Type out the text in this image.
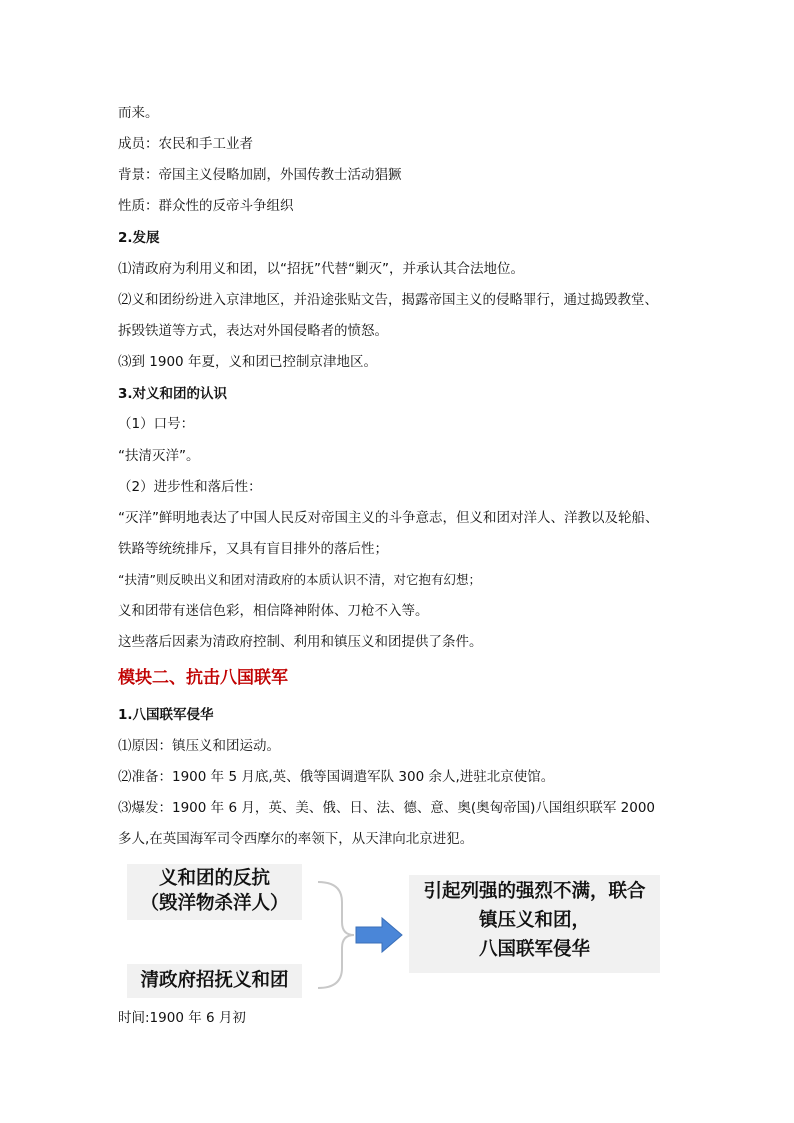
而来。
成员：农民和手工业者
背景：帝国主义侵略加剧，外国传教士活动猖獗
性质：群众性的反帝斗争组织
2.发展
⑴清政府为利用义和团，以“招抚”代替“剿灭”，并承认其合法地位。
⑵义和团纷纷进入京津地区，并沿途张贴文告，揭露帝国主义的侵略罪行，通过捣毁教堂、
拆毁铁道等方式，表达对外国侵略者的愤怒。
⑶到 1900 年夏，义和团已控制京津地区。
3.对义和团的认识
（1）口号：
“扶清灭洋”。
（2）进步性和落后性：
“灭洋”鲜明地表达了中国人民反对帝国主义的斗争意志，但义和团对洋人、洋教以及轮船、
铁路等统统排斥，又具有盲目排外的落后性；
“扶清”则反映出义和团对清政府的本质认识不清，对它抱有幻想；
义和团带有迷信色彩，相信降神附体、刀枪不入等。
这些落后因素为清政府控制、利用和镇压义和团提供了条件。
模块二、抗击八国联军
1.八国联军侵华
⑴原因：镇压义和团运动。
⑵准备：1900 年 5 月底,英、俄等国调遣军队 300 余人,进驻北京使馆。
⑶爆发：1900 年 6 月，英、美、俄、日、法、德、意、奥(奥匈帝国)八国组织联军 2000
多人,在英国海军司令西摩尔的率领下，从天津向北京进犯。
义和团的反抗
（毁洋物杀洋人）
清政府招抚义和团
引起列强的强烈不满，联合
镇压义和团，
八国联军侵华
时间:1900 年 6 月初
